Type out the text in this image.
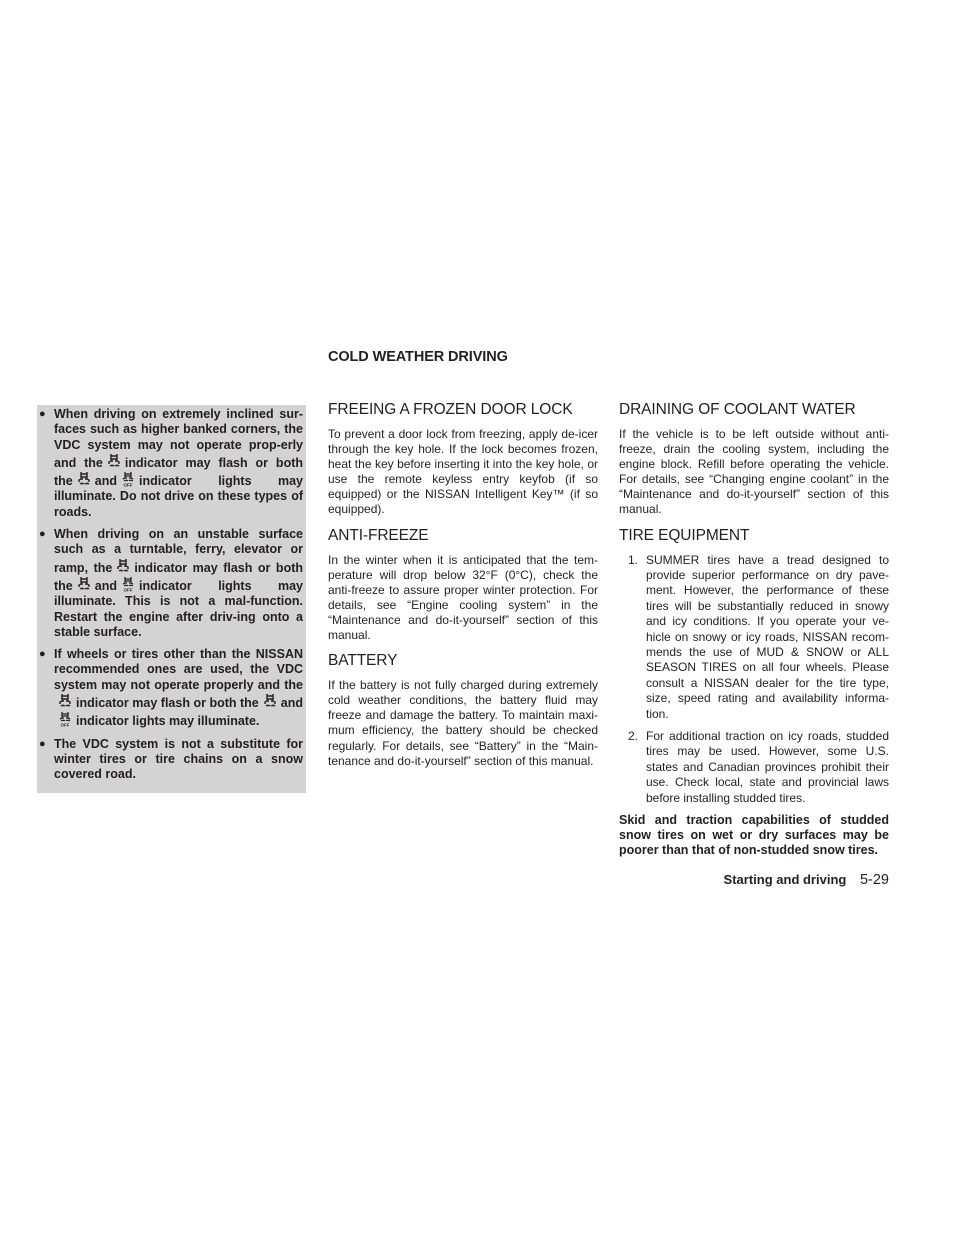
COLD WEATHER DRIVING
● When driving on extremely inclined sur-faces such as higher banked corners, the VDC system may not operate prop-erly and the indicator may flash or both the and OFF indicator lights may illuminate. Do not drive on these types of roads.
● When driving on an unstable surface such as a turntable, ferry, elevator or ramp, the indicator may flash or both the and OFF indicator lights may illuminate. This is not a mal-function. Restart the engine after driv-ing onto a stable surface.
● If wheels or tires other than the NISSAN recommended ones are used, the VDC system may not operate properly and theindicator may flash or both the and
OFF indicator lights may illuminate.
● The VDC system is not a substitute for winter tires or tire chains on a snow covered road.
FREEING A FROZEN DOOR LOCK

To prevent a door lock from freezing, apply de-icer through the key hole. If the lock becomes frozen, heat the key before inserting it into the key hole, or use the remote keyless entry keyfob (if so equipped) or the NISSAN Intelligent Key™ (if so equipped).

ANTI-FREEZE

In the winter when it is anticipated that the tem-perature will drop below 32°F (0°C), check the anti-freeze to assure proper winter protection. For details, see “Engine cooling system” in the “Maintenance and do-it-yourself” section of this manual.

BATTERY

If the battery is not fully charged during extremely cold weather conditions, the battery fluid may freeze and damage the battery. To maintain maxi-mum efficiency, the battery should be checked regularly. For details, see “Battery” in the “Main-tenance and do-it-yourself” section of this manual.

DRAINING OF COOLANT WATER

If the vehicle is to be left outside without anti-freeze, drain the cooling system, including the engine block. Refill before operating the vehicle. For details, see “Changing engine coolant” in the “Maintenance and do-it-yourself” section of this manual.

TIRE EQUIPMENT
1. SUMMER tires have a tread designed to provide superior performance on dry pave-ment. However, the performance of these tires will be substantially reduced in snowy and icy conditions. If you operate your ve-hicle on snowy or icy roads, NISSAN recom-mends the use of MUD & SNOW or ALL SEASON TIRES on all four wheels. Please consult a NISSAN dealer for the tire type, size, speed rating and availability informa-tion.
2. For additional traction on icy roads, studded tires may be used. However, some U.S. states and Canadian provinces prohibit their use. Check local, state and provincial laws before installing studded tires.

Skid and traction capabilities of studded snow tires on wet or dry surfaces may be poorer than that of non-studded snow tires.

Starting and driving 5-29
